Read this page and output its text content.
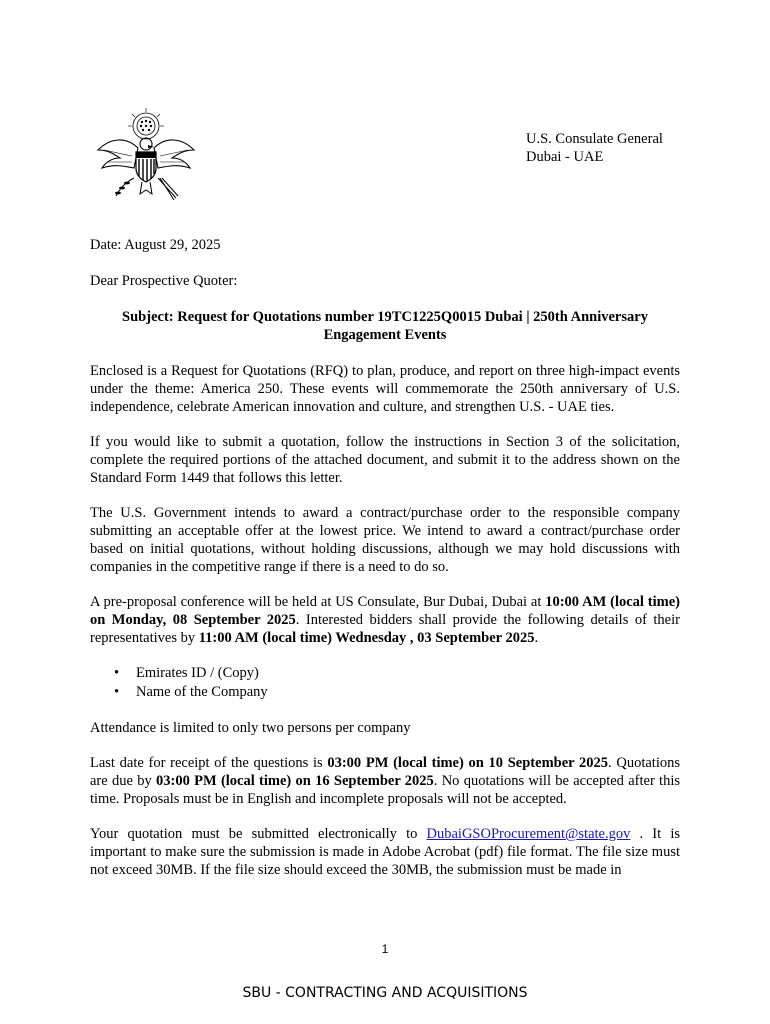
U.S. Consulate General
Dubai - UAE

Date: August 29, 2025

Dear Prospective Quoter:

Subject: Request for Quotations number 19TC1225Q0015 Dubai | 250th Anniversary Engagement Events

Enclosed is a Request for Quotations (RFQ) to plan, produce, and report on three high-impact events under the theme: America 250. These events will commemorate the 250th anniversary of U.S. independence, celebrate American innovation and culture, and strengthen U.S. - UAE ties.

If you would like to submit a quotation, follow the instructions in Section 3 of the solicitation, complete the required portions of the attached document, and submit it to the address shown on the Standard Form 1449 that follows this letter.

The U.S. Government intends to award a contract/purchase order to the responsible company submitting an acceptable offer at the lowest price. We intend to award a contract/purchase order based on initial quotations, without holding discussions, although we may hold discussions with companies in the competitive range if there is a need to do so.

A pre-proposal conference will be held at US Consulate, Bur Dubai, Dubai at 10:00 AM (local time) on Monday, 08 September 2025. Interested bidders shall provide the following details of their representatives by 11:00 AM (local time) Wednesday , 03 September 2025.

• Emirates ID / (Copy)
• Name of the Company

Attendance is limited to only two persons per company

Last date for receipt of the questions is 03:00 PM (local time) on 10 September 2025. Quotations are due by 03:00 PM (local time) on 16 September 2025. No quotations will be accepted after this time. Proposals must be in English and incomplete proposals will not be accepted.

Your quotation must be submitted electronically to DubaiGSOProcurement@state.gov . It is important to make sure the submission is made in Adobe Acrobat (pdf) file format. The file size must not exceed 30MB. If the file size should exceed the 30MB, the submission must be made in

1
SBU - CONTRACTING AND ACQUISITIONS
